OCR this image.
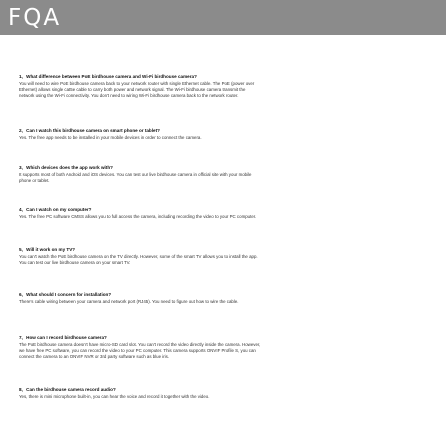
FQA
1、What difference between PoE birdhouse camera and Wi-Fi birdhouse camera?
You will need to wire PoE birdhouse camera back to your network router with single Ethernet cable. The PoE (power over
Ethernet) allows single cat5e cable to carry both power and network signal. The Wi-Fi birdhouse camera transmit the
network using the Wi-Fi connectivity. You don't need to wiring Wi-Fi birdhouse camera back to the network router.
2、Can I watch this birdhouse camera on smart phone or tablet?
Yes. The free app needs to be installed in your mobile devices in order to connect the camera.
3、Which devices does the app work with?
It supports most of both Android and iOS devices. You can test our live birdhouse camera in official site with your mobile
phone or tablet.
4、Can I watch on my computer?
Yes. The free PC software CMSS allows you to full access the camera, including recording the video to your PC computer.
5、Will it work on my TV?
You can't watch the PoE birdhouse camera on the TV directly. However, some of the smart TV allows you to install the app.
You can test our live birdhouse camera on your smart TV.
6、What should I concern for installation?
There's cable wiring between your camera and network port (RJ45). You need to figure out how to wire the cable.
7、How can I record birdhouse camera?
The PoE birdhouse camera doesn't have micro-SD card slot. You can't record the video directly inside the camera. However,
we have free PC software, you can record the video to your PC computer. This camera supports ONVIF Profile S, you can
connect the camera to an ONVIF NVR or 3rd party software such as blue iris.
8、Can the birdhouse camera record audio?
Yes, there is mini microphone built-in, you can hear the voice and record it together with the video.
